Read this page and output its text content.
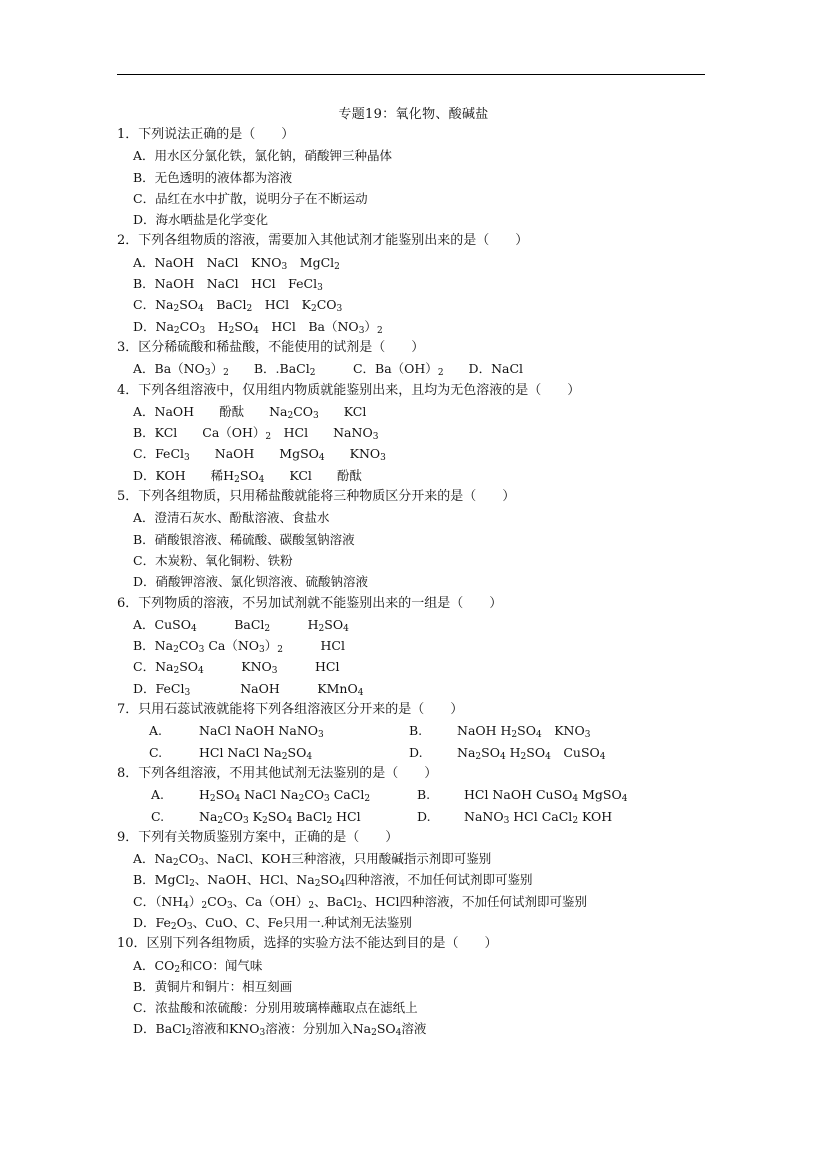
专题19：氧化物、酸碱盐
1．下列说法正确的是（　　）
A．用水区分氯化铁，氯化钠，硝酸钾三种晶体
B．无色透明的液体都为溶液
C．品红在水中扩散，说明分子在不断运动
D．海水晒盐是化学变化
2．下列各组物质的溶液，需要加入其他试剂才能鉴别出来的是（　　）
A．NaOH　NaCl　$KNO_3$　MgCl$_2$
B．NaOH　NaCl　HCl　FeCl$_3$
C．$Na_2SO_4$　BaCl$_2$　HCl　$K_2CO_3$
D．$Na_2CO_3$　$H_2SO_4$　HCl　$Ba(NO_3)_2$
3．区分稀硫酸和稀盐酸，不能使用的试剂是（　　）
A．$Ba(NO_3)_2$　　B．.BaCl$_2$　　　C．$Ba(OH)_2$　　D．NaCl
4．下列各组溶液中，仅用组内物质就能鉴别出来，且均为无色溶液的是（　　）
A．NaOH　　酚酞　　$Na_2CO_3$　　KCl
B．KCl　　$Ca(OH)_2$　HCl　　NaNO$_3$
C．FeCl$_3$　　NaOH　　MgSO$_4$　　$KNO_3$
D．KOH　　稀$H_2SO_4$　　KCl　　酚酞
5．下列各组物质，只用稀盐酸就能将三种物质区分开来的是（　　）
A．澄清石灰水、酚酞溶液、食盐水
B．硝酸银溶液、稀硫酸、碳酸氢钠溶液
C．木炭粉、氧化铜粉、铁粉
D．硝酸钾溶液、氯化钡溶液、硫酸钠溶液
6．下列物质的溶液，不另加试剂就不能鉴别出来的一组是（　　）
A．CuSO$_4$　　　BaCl$_2$　　　$H_2SO_4$
B．$Na_2CO_3$ $Ca(NO_3)_2$　　　HCl
C．$Na_2SO_4$　　　$KNO_3$　　　HCl
D．FeCl$_3$　　　　NaOH　　　KMnO$_4$
7．只用石蕊试液就能将下列各组溶液区分开来的是（　　）
A.	NaCl NaOH NaNO$_3$	B.	NaOH $H_2SO_4$　$KNO_3$
C.	HCl NaCl $Na_2SO_4$	D.	$Na_2SO_4$ $H_2SO_4$　CuSO$_4$
8．下列各组溶液，不用其他试剂无法鉴别的是（　　）
A.	$H_2SO_4$ NaCl $Na_2CO_3$ CaCl$_2$	B.	HCl NaOH CuSO$_4$ MgSO$_4$
C.	$Na_2CO_3$ $K_2SO_4$ BaCl$_2$ HCl	D.	NaNO$_3$ HCl CaCl$_2$ KOH
9．下列有关物质鉴别方案中，正确的是（　　）
A．$Na_2CO_3$、NaCl、KOH三种溶液，只用酸碱指示剂即可鉴别
B．MgCl$_2$、NaOH、HCl、$Na_2SO_4$四种溶液，不加任何试剂即可鉴别
C．$(NH_4)_2CO_3$、$Ca(OH)_2$、BaCl$_2$、HCl四种溶液，不加任何试剂即可鉴别
D．$Fe_2O_3$、CuO、C、Fe只用一.种试剂无法鉴别
10．区别下列各组物质，选择的实验方法不能达到目的是（　　）
A．$CO_2$和CO：闻气味
B．黄铜片和铜片：相互刻画
C．浓盐酸和浓硫酸：分别用玻璃棒蘸取点在滤纸上
D．BaCl$_2$溶液和$KNO_3$溶液：分别加入$Na_2SO_4$溶液
